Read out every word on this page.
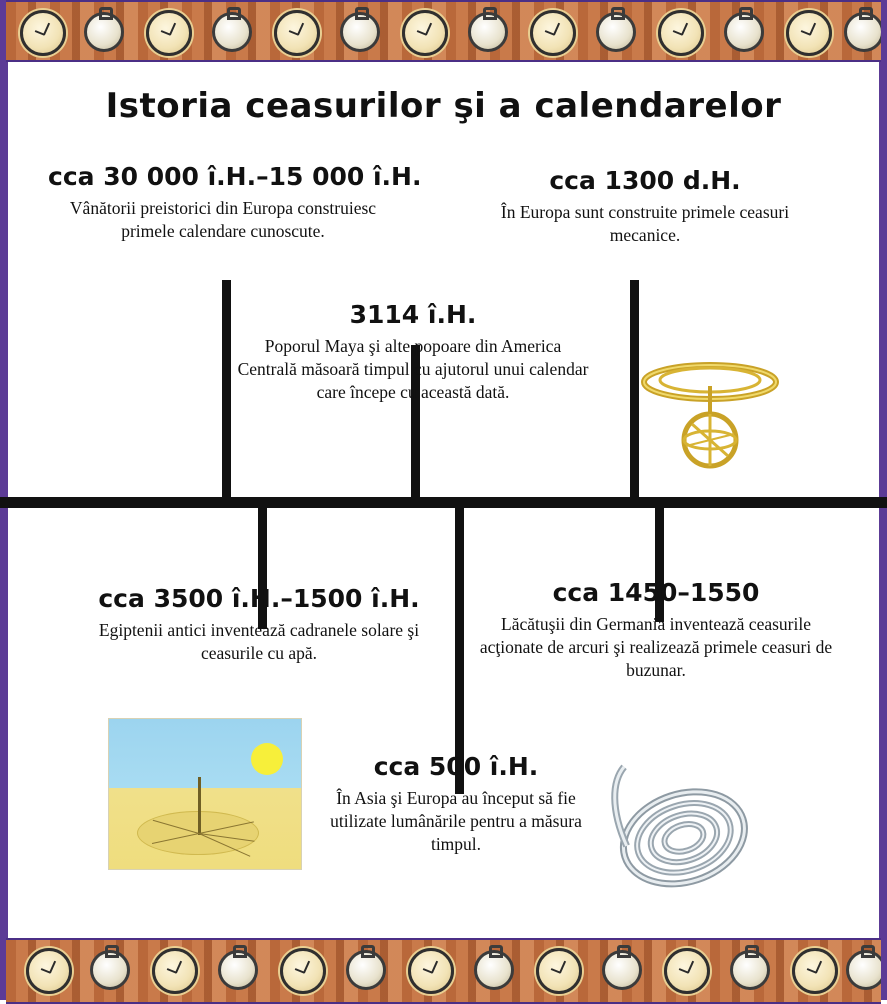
Istoria ceasurilor şi a calendarelor
cca 30 000 î.H.–15 000 î.H.
Vânătorii preistorici din Europa construiesc primele calendare cunoscute.
3114 î.H.
Poporul Maya şi alte popoare din America Centrală măsoară timpul cu ajutorul unui calendar care începe cu această dată.
cca 1300 d.H.
În Europa sunt construite primele ceasuri mecanice.
cca 3500 î.H.–1500 î.H.
Egiptenii antici inventează cadranele solare şi ceasurile cu apă.
cca 500 î.H.
În Asia şi Europa au început să fie utilizate lumânările pentru a măsura timpul.
cca 1450–1550
Lăcătuşii din Germania inventează ceasurile acţionate de arcuri şi realizează primele ceasuri de buzunar.
